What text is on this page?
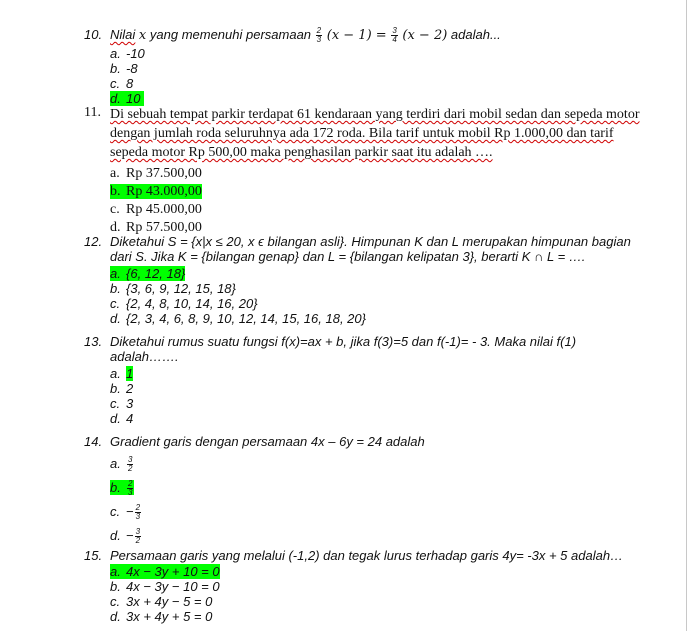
10. Nilai x yang memenuhi persamaan $\frac{2}{3} (x - 1) = \frac{3}{4} (x - 2)$ adalah...
a. -10
b. -8
c. 8
d. 10
11. Di sebuah tempat parkir terdapat 61 kendaraan yang terdiri dari mobil sedan dan sepeda motor dengan jumlah roda seluruhnya ada 172 roda. Bila tarif untuk mobil Rp 1.000,00 dan tarif sepeda motor Rp 500,00 maka penghasilan parkir saat itu adalah ….
a. Rp 37.500,00
b. Rp 43.000,00
c. Rp 45.000,00
d. Rp 57.500,00
12. Diketahui S = {x|x ≤ 20, x ϵ bilangan asli}. Himpunan K dan L merupakan himpunan bagian dari S. Jika K = {bilangan genap} dan L = {bilangan kelipatan 3}, berarti K ∩ L = ….
a. {6, 12, 18}
b. {3, 6, 9, 12, 15, 18}
c. {2, 4, 8, 10, 14, 16, 20}
d. {2, 3, 4, 6, 8, 9, 10, 12, 14, 15, 16, 18, 20}
13. Diketahui rumus suatu fungsi f(x)=ax + b, jika f(3)=5 dan f(-1)= - 3. Maka nilai f(1) adalah…….
a. 1
b. 2
c. 3
d. 4
14. Gradient garis dengan persamaan 4x – 6y = 24 adalah
a. $\frac{3}{2}$
b. $\frac{2}{3}$
c. − $\frac{2}{3}$
d. − $\frac{3}{2}$
15. Persamaan garis yang melalui (-1,2) dan tegak lurus terhadap garis 4y= -3x + 5 adalah…
a. 4x − 3y + 10 = 0
b. 4x − 3y − 10 = 0
c. 3x + 4y − 5 = 0
d. 3x + 4y + 5 = 0
